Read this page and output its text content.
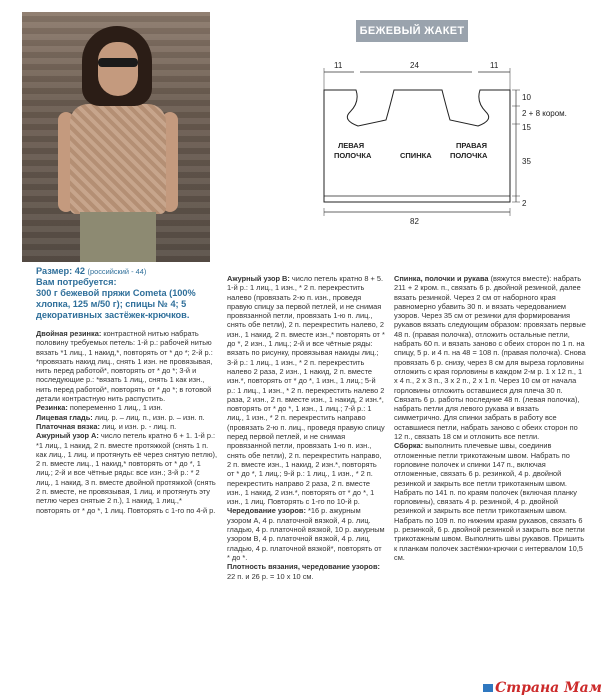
БЕЖЕВЫЙ ЖАКЕТ
11	24	11
10
2 + 8 кором.
15
35
2
82
ЛЕВАЯ
ПОЛОЧКА	СПИНКА
ПРАВАЯ
ПОЛОЧКА
Размер: 42 (российский - 44)
Вам потребуется:
300 г бежевой пряжи Cometa (100% хлопка, 125 м/50 г); спицы № 4; 5 декоративных застёжек-крючков.

Двойная резинка: контрастной нитью набрать половину требуемых петель: 1-й р.: рабочей нитью вязать *1 лиц., 1 накид,*, повторять от * до *; 2-й р.: *провязать накид лиц., снять 1 изн. не провязывая, нить перед работой*, повторять от * до *; 3-й и последующие р.: *вязать 1 лиц., снять 1 как изн., нить перед работой*, повторять от * до *; в готовой детали контрастную нить распустить.

Резинка: попеременно 1 лиц., 1 изн.

Лицевая гладь: лиц. р. – лиц. п., изн. р. – изн. п.

Платочная вязка: лиц. и изн. р. - лиц. п.

Ажурный узор А: число петель кратно 6 + 1. 1-й р.: *1 лиц., 1 накид, 2 п. вместе протяжкой (снять 1 п. как лиц., 1 лиц. и протянуть её через снятую петлю), 2 п. вместе лиц., 1 накид,* повторять от * до *, 1 лиц.; 2-й и все чётные ряды: все изн.; 3-й р.: * 2 лиц., 1 накид, 3 п. вместе двойной протяжкой (снять 2 п. вместе, не провязывая, 1 лиц. и протянуть эту петлю через снятые 2 п.), 1 накид, 1 лиц.,* повторять от * до *, 1 лиц. Повторять с 1-го по 4-й р.

Ажурный узор В: число петель кратно 8 + 5. 1-й р.: 1 лиц., 1 изн., * 2 п. перекрестить налево (провязать 2-ю п. изн., проведя правую спицу за первой петлей, и не снимая провязанной петли, провязать 1-ю п. лиц., снять обе петли), 2 п. перекрестить налево, 2 изн., 1 накид, 2 п. вместе изн.,* повторять от * до *, 2 изн., 1 лиц.; 2-й и все чётные ряды: вязать по рисунку, провязывая накиды лиц.; 3-й р.: 1 лиц., 1 изн., * 2 п. перекрестить налево 2 раза, 2 изн., 1 накид, 2 п. вместе изн.*, повторять от * до *, 1 изн., 1 лиц.; 5-й р.: 1 лиц., 1 изн., * 2 п. перекрестить налево 2 раза, 2 изн., 2 п. вместе изн., 1 накид, 2 изн.*, повторять от * до *, 1 изн., 1 лиц.; 7-й р.: 1 лиц., 1 изн., * 2 п. перекрестить направо (провязать 2-ю п. лиц., проведя правую спицу перед первой петлей, и не снимая провязанной петли, провязать 1-ю п. изн., снять обе петли), 2 п. перекрестить направо, 2 п. вместе изн., 1 накид, 2 изн.*, повторять от * до *, 1 лиц.; 9-й р.: 1 лиц., 1 изн., * 2 п. перекрестить направо 2 раза, 2 п. вместе изн., 1 накид, 2 изн.*, повторять от * до *, 1 изн., 1 лиц. Повторять с 1-го по 10-й р.

Чередование узоров: *16 р. ажурным узором А, 4 р. платочной вязкой, 4 р. лиц. гладью, 4 р. платочной вязкой, 10 р. ажурным узором В, 4 р. платочной вязкой, 4 р. лиц. гладью, 4 р. платочной вязкой*, повторять от * до *.

Плотность вязания, чередование узоров: 22 п. и 26 р. = 10 х 10 см.

Спинка, полочки и рукава (вяжутся вместе): набрать 211 + 2 кром. п., связать 6 р. двойной резинкой, далее вязать резинкой. Через 2 см от наборного края равномерно убавить 30 п. и вязать чередованием узоров. Через 35 см от резинки для формирования рукавов вязать следующим образом: провязать первые 48 п. (правая полочка), отложить остальные петли, набрать 60 п. и вязать заново с обеих сторон по 1 п. на спицу, 5 р. и 4 п. на 48 = 108 п. (правая полочка). Снова провязать 6 р. снизу, через 8 см для выреза горловины отложить с края горловины в каждом 2-м р. 1 х 12 п., 1 х 4 п., 2 х 3 п., 3 х 2 п., 2 х 1 п. Через 10 см от начала горловины отложить оставшиеся для плеча 30 п. Связать 6 р. работы последние 48 п. (левая полочка), набрать петли для левого рукава и вязать симметрично. Для спинки забрать в работу все оставшиеся петли, набрать заново с обеих сторон по 12 п., связать 18 см и отложить все петли.

Сборка: выполнить плечевые швы, соединив отложенные петли трикотажным швом. Набрать по горловине полочек и спинки 147 п., включая отложенные, связать 6 р. резинкой, 4 р. двойной резинкой и закрыть все петли трикотажным швом. Набрать по 141 п. по краям полочек (включая планку горловины), связать 4 р. резинкой, 4 р. двойной резинкой и закрыть все петли трикотажным швом. Набрать по 109 п. по нижним краям рукавов, связать 6 р. резинкой, 6 р. двойной резинкой и закрыть все петли трикотажным швом. Выполнить швы рукавов. Пришить к планкам полочек застёжки-крючки с интервалом 10,5 см.

Страна Мам
